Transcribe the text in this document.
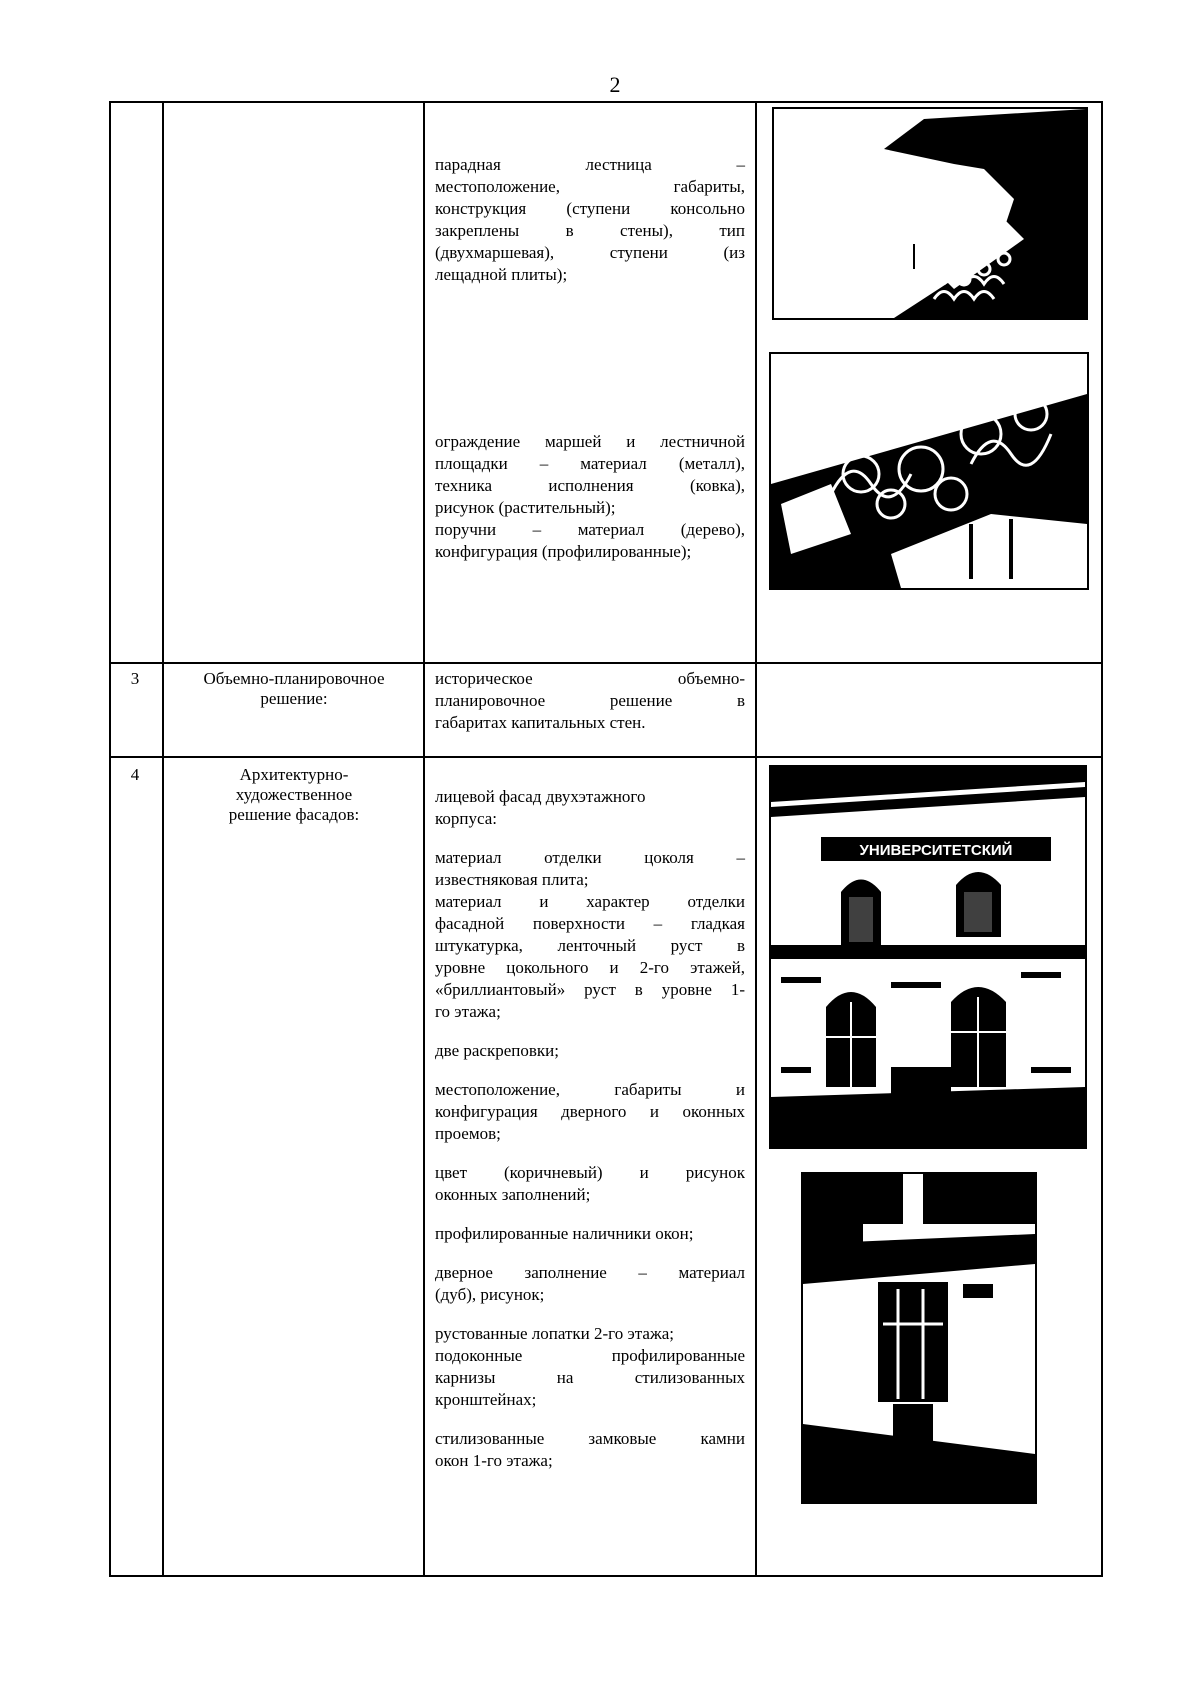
2
парадная лестница –
местоположение, габариты,
конструкция (ступени консольно
закреплены в стены), тип
(двухмаршевая), ступени (из
лещадной плиты);
ограждение маршей и лестничной
площадки – материал (металл),
техника исполнения (ковка),
рисунок (растительный);
поручни – материал (дерево),
конфигурация (профилированные);
3	Объемно-планировочное
решение:
историческое объемно-
планировочное решение в
габаритах капитальных стен.
4	Архитектурно-
художественное
решение фасадов:
лицевой фасад двухэтажного
корпуса:
материал отделки цоколя –
известняковая плита;
материал и характер отделки
фасадной поверхности – гладкая
штукатурка, ленточный руст в
уровне цокольного и 2-го этажей,
«бриллиантовый» руст в уровне 1-
го этажа;
две раскреповки;
местоположение, габариты и
конфигурация дверного и оконных
проемов;
цвет (коричневый) и рисунок
оконных заполнений;
профилированные наличники окон;
дверное заполнение – материал
(дуб), рисунок;
рустованные лопатки 2-го этажа;
подоконные профилированные
карнизы на стилизованных
кронштейнах;
стилизованные замковые камни
окон 1-го этажа;
УНИВЕРСИТЕТСКИЙ
